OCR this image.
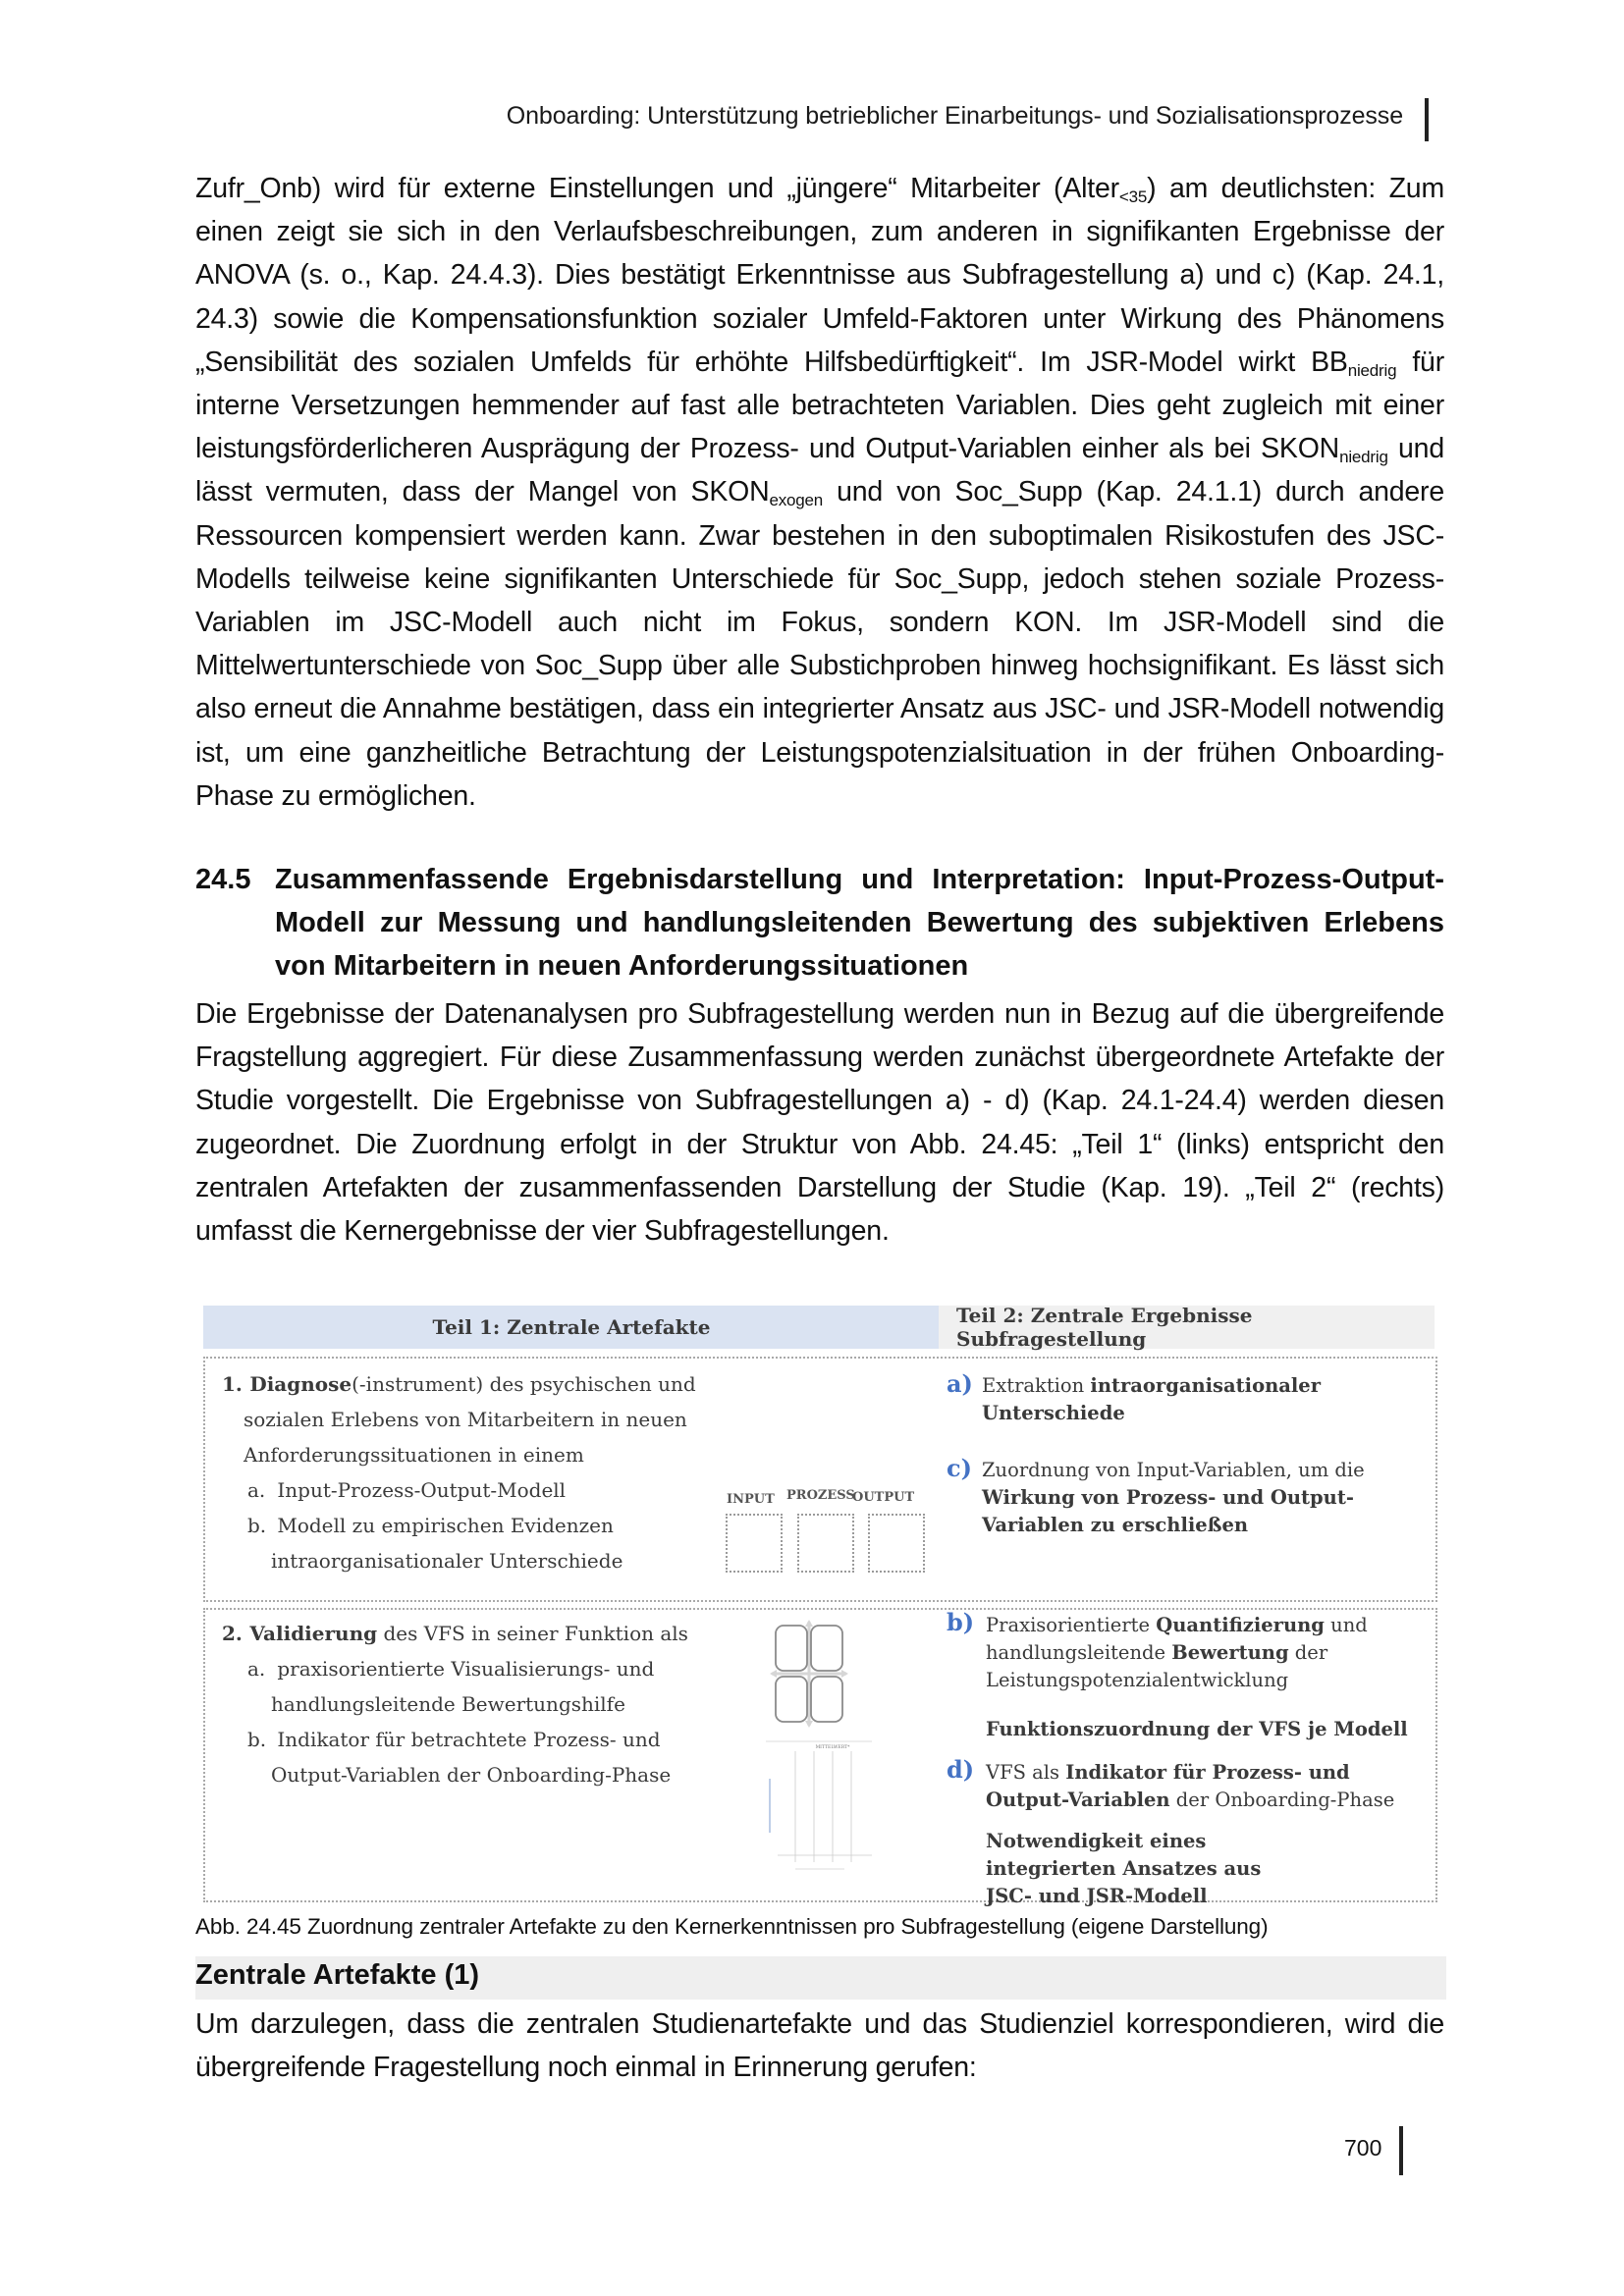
Onboarding: Unterstützung betrieblicher Einarbeitungs- und Sozialisationsprozesse

Zufr_Onb) wird für externe Einstellungen und „jüngere“ Mitarbeiter (Alter$_{<35}$) am deutlichsten: Zum einen zeigt sie sich in den Verlaufsbeschreibungen, zum anderen in signifikanten Ergebnisse der ANOVA (s. o., Kap. 24.4.3). Dies bestätigt Erkenntnisse aus Subfragestellung a) und c) (Kap. 24.1, 24.3) sowie die Kompensationsfunktion sozialer Umfeld-Faktoren unter Wirkung des Phänomens „Sensibilität des sozialen Umfelds für erhöhte Hilfsbedürftigkeit“. Im JSR-Model wirkt $BB_{niedrig}$ für interne Versetzungen hemmender auf fast alle betrachteten Variablen. Dies geht zugleich mit einer leistungsförderlicheren Ausprägung der Prozess- und Output-Variablen einher als bei $SKON_{niedrig}$ und lässt vermuten, dass der Mangel von $SKON_{exogen}$ und von Soc_Supp (Kap. 24.1.1) durch andere Ressourcen kompensiert werden kann. Zwar bestehen in den suboptimalen Risikostufen des JSC-Modells teilweise keine signifikanten Unterschiede für Soc_Supp, jedoch stehen soziale Prozess-Variablen im JSC-Modell auch nicht im Fokus, sondern KON. Im JSR-Modell sind die Mittelwertunterschiede von Soc_Supp über alle Substichproben hinweg hochsignifikant. Es lässt sich also erneut die Annahme bestätigen, dass ein integrierter Ansatz aus JSC- und JSR-Modell notwendig ist, um eine ganzheitliche Betrachtung der Leistungspotenzialsituation in der frühen Onboarding-Phase zu ermöglichen.

24.5 Zusammenfassende Ergebnisdarstellung und Interpretation: Input-Prozess-Output-Modell zur Messung und handlungsleitenden Bewertung des subjektiven Erlebens von Mitarbeitern in neuen Anforderungssituationen

Die Ergebnisse der Datenanalysen pro Subfragestellung werden nun in Bezug auf die übergreifende Fragstellung aggregiert. Für diese Zusammenfassung werden zunächst übergeordnete Artefakte der Studie vorgestellt. Die Ergebnisse von Subfragestellungen a) - d) (Kap. 24.1-24.4) werden diesen zugeordnet. Die Zuordnung erfolgt in der Struktur von Abb. 24.45: „Teil 1“ (links) entspricht den zentralen Artefakten der zusammenfassenden Darstellung der Studie (Kap. 19). „Teil 2“ (rechts) umfasst die Kernergebnisse der vier Subfragestellungen.

Teil 1: Zentrale Artefakte	Teil 2: Zentrale Ergebnisse Subfragestellung
1. Diagnose(-instrument) des psychischen und
sozialen Erlebens von Mitarbeitern in neuen
Anforderungssituationen in einem
a. Input-Prozess-Output-Modell
b. Modell zu empirischen Evidenzen
intraorganisationaler Unterschiede
INPUT PROZESS
OUTPUT
2. Validierung des VFS in seiner Funktion als
a. praxisorientierte Visualisierungs- und
handlungsleitende Bewertungshilfe
b. Indikator für betrachtete Prozess- und
Output-Variablen der Onboarding-Phase
MITTELWERT*
a) Extraktion intraorganisationaler Unterschiede
c) Zuordnung von Input-Variablen, um die Wirkung von Prozess- und Output-Variablen zu erschließen
b) Praxisorientierte Quantifizierung und handlungsleitende Bewertung der Leistungspotenzialentwicklung
Funktionszuordnung der VFS je Modell
d) VFS als Indikator für Prozess- und Output-Variablen der Onboarding-Phase
Notwendigkeit eines integrierten Ansatzes aus JSC- und JSR-Modell
Abb. 24.45 Zuordnung zentraler Artefakte zu den Kernerkenntnissen pro Subfragestellung (eigene Darstellung)
Zentrale Artefakte (1)

Um darzulegen, dass die zentralen Studienartefakte und das Studienziel korrespondieren, wird die übergreifende Fragestellung noch einmal in Erinnerung gerufen:

700
